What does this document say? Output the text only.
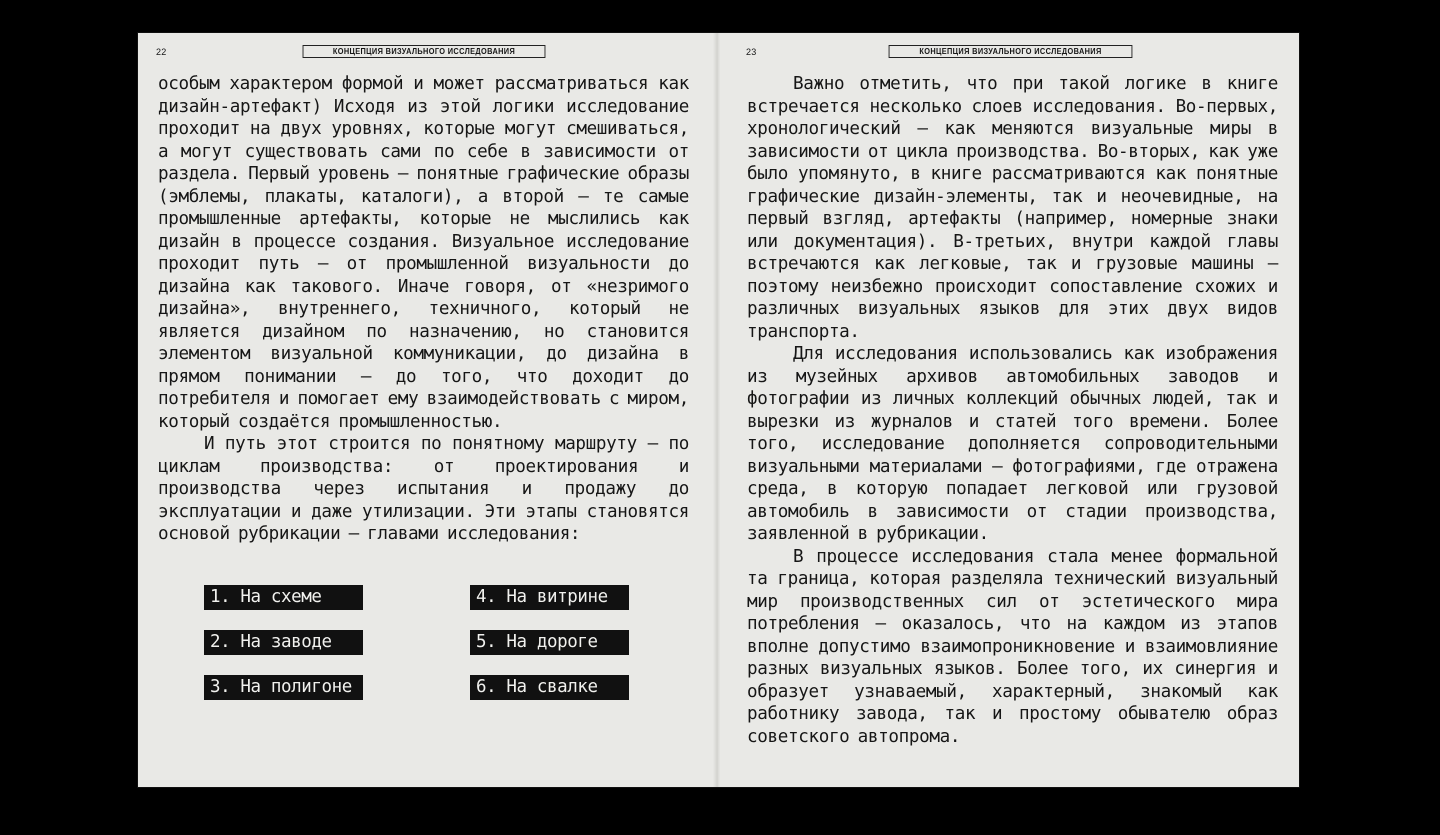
22	КОНЦЕПЦИЯ ВИЗУАЛЬНОГО ИССЛЕДОВАНИЯ

особым характером формой и может рассматриваться как дизайн-артефакт) Исходя из этой логики исследование проходит на двух уровнях, которые могут смешиваться, а могут существовать сами по себе в зависимости от раздела. Первый уровень — понятные графические образы (эмблемы, плакаты, каталоги), а второй — те самые промышленные артефакты, которые не мыслились как дизайн в процессе создания. Визуальное исследование проходит путь — от промышленной визуальности до дизайна как такового. Иначе говоря, от «незримого дизайна», внутреннего, техничного, который не является дизайном по назначению, но становится элементом визуальной коммуникации, до дизайна в прямом понимании — до того, что доходит до потребителя и помогает ему взаимодействовать с миром, который создаётся промышленностью.

И путь этот строится по понятному маршруту — по циклам производства: от проектирования и производства через испытания и продажу до эксплуатации и даже утилизации. Эти этапы становятся основой рубрикации — главами исследования:

1. На схеме
2. На заводе
3. На полигоне
4. На витрине
5. На дороге
6. На свалке
23	КОНЦЕПЦИЯ ВИЗУАЛЬНОГО ИССЛЕДОВАНИЯ

Важно отметить, что при такой логике в книге встречается несколько слоев исследования. Во-первых, хронологический — как меняются визуальные миры в зависимости от цикла производства. Во-вторых, как уже было упомянуто, в книге рассматриваются как понятные графические дизайн-элементы, так и неочевидные, на первый взгляд, артефакты (например, номерные знаки или документация). В-третьих, внутри каждой главы встречаются как легковые, так и грузовые машины — поэтому неизбежно происходит сопоставление схожих и различных визуальных языков для этих двух видов транспорта.

Для исследования использовались как изображения из музейных архивов автомобильных заводов и фотографии из личных коллекций обычных людей, так и вырезки из журналов и статей того времени. Более того, исследование дополняется сопроводительными визуальными материалами — фотографиями, где отражена среда, в которую попадает легковой или грузовой автомобиль в зависимости от стадии производства, заявленной в рубрикации.

В процессе исследования стала менее формальной та граница, которая разделяла технический визуальный мир производственных сил от эстетического мира потребления — оказалось, что на каждом из этапов вполне допустимо взаимопроникновение и взаимовлияние разных визуальных языков. Более того, их синергия и образует узнаваемый, характерный, знакомый как работнику завода, так и простому обывателю образ советского автопрома.
